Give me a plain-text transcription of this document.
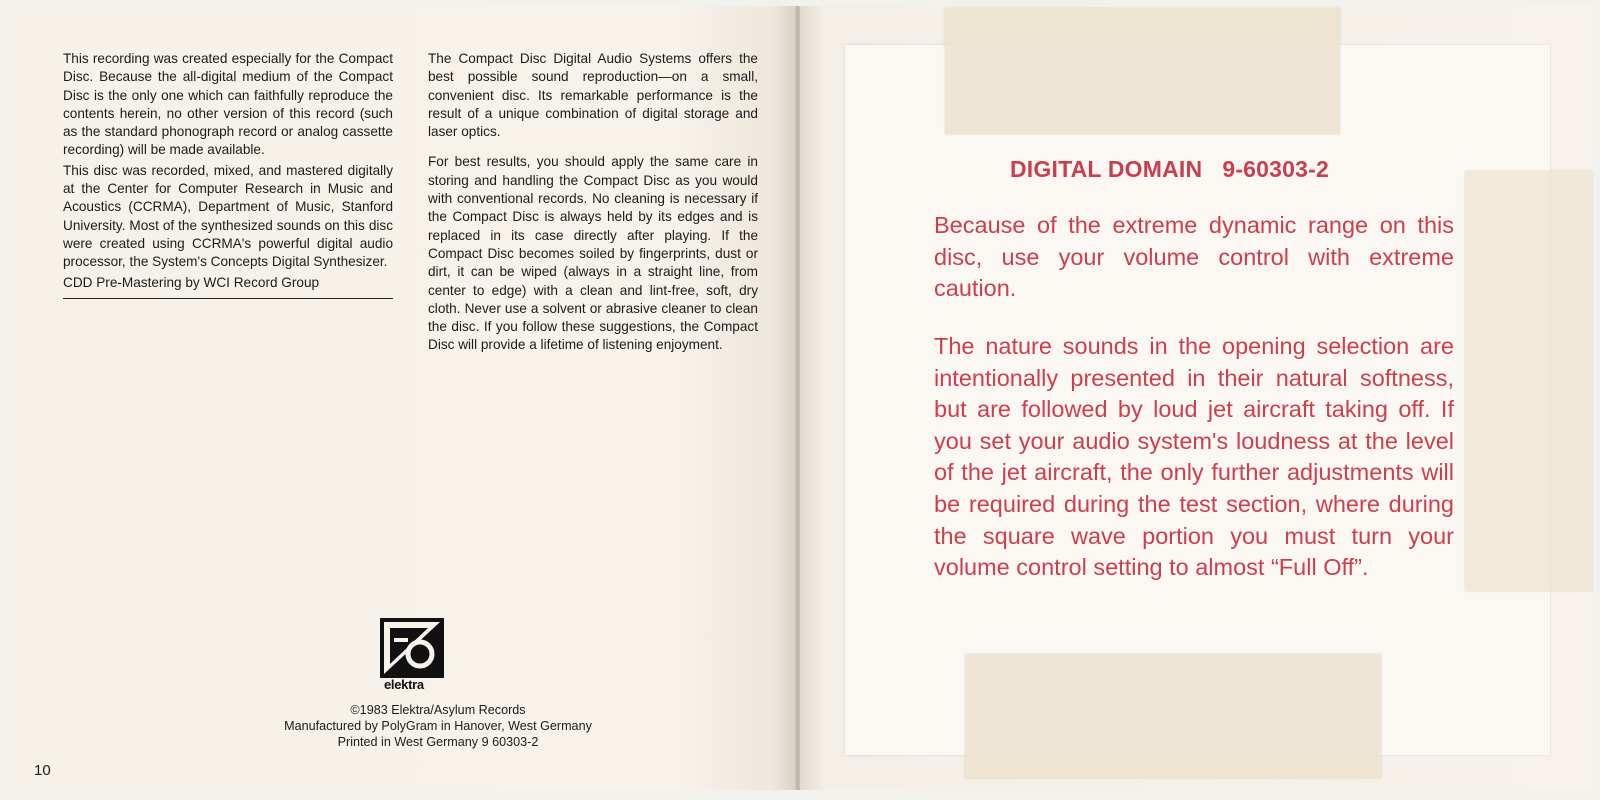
This recording was created especially for the Compact Disc. Because the all-digital medium of the Compact Disc is the only one which can faithfully reproduce the contents herein, no other version of this record (such as the standard phonograph record or analog cassette recording) will be made available.

This disc was recorded, mixed, and mastered digitally at the Center for Computer Research in Music and Acoustics (CCRMA), Department of Music, Stanford University. Most of the synthesized sounds on this disc were created using CCRMA's powerful digital audio processor, the System's Concepts Digital Synthesizer.

CDD Pre-Mastering by WCI Record Group

The Compact Disc Digital Audio Systems offers the best possible sound reproduction—on a small, convenient disc. Its remarkable performance is the result of a unique combination of digital storage and laser optics.

For best results, you should apply the same care in storing and handling the Compact Disc as you would with conventional records. No cleaning is necessary if the Compact Disc is always held by its edges and is replaced in its case directly after playing. If the Compact Disc becomes soiled by fingerprints, dust or dirt, it can be wiped (always in a straight line, from center to edge) with a clean and lint-free, soft, dry cloth. Never use a solvent or abrasive cleaner to clean the disc. If you follow these suggestions, the Compact Disc will provide a lifetime of listening enjoyment.

elektra
©1983 Elektra/Asylum Records
Manufactured by PolyGram in Hanover, West Germany
Printed in West Germany 9 60303-2
10
DIGITAL DOMAIN 9-60303-2
Because of the extreme dynamic range on this disc, use your volume control with extreme caution.
The nature sounds in the opening selection are intentionally presented in their natural softness, but are followed by loud jet aircraft taking off. If you set your audio system's loudness at the level of the jet aircraft, the only further adjustments will be required during the test section, where during the square wave portion you must turn your volume control setting to almost “Full Off”.
